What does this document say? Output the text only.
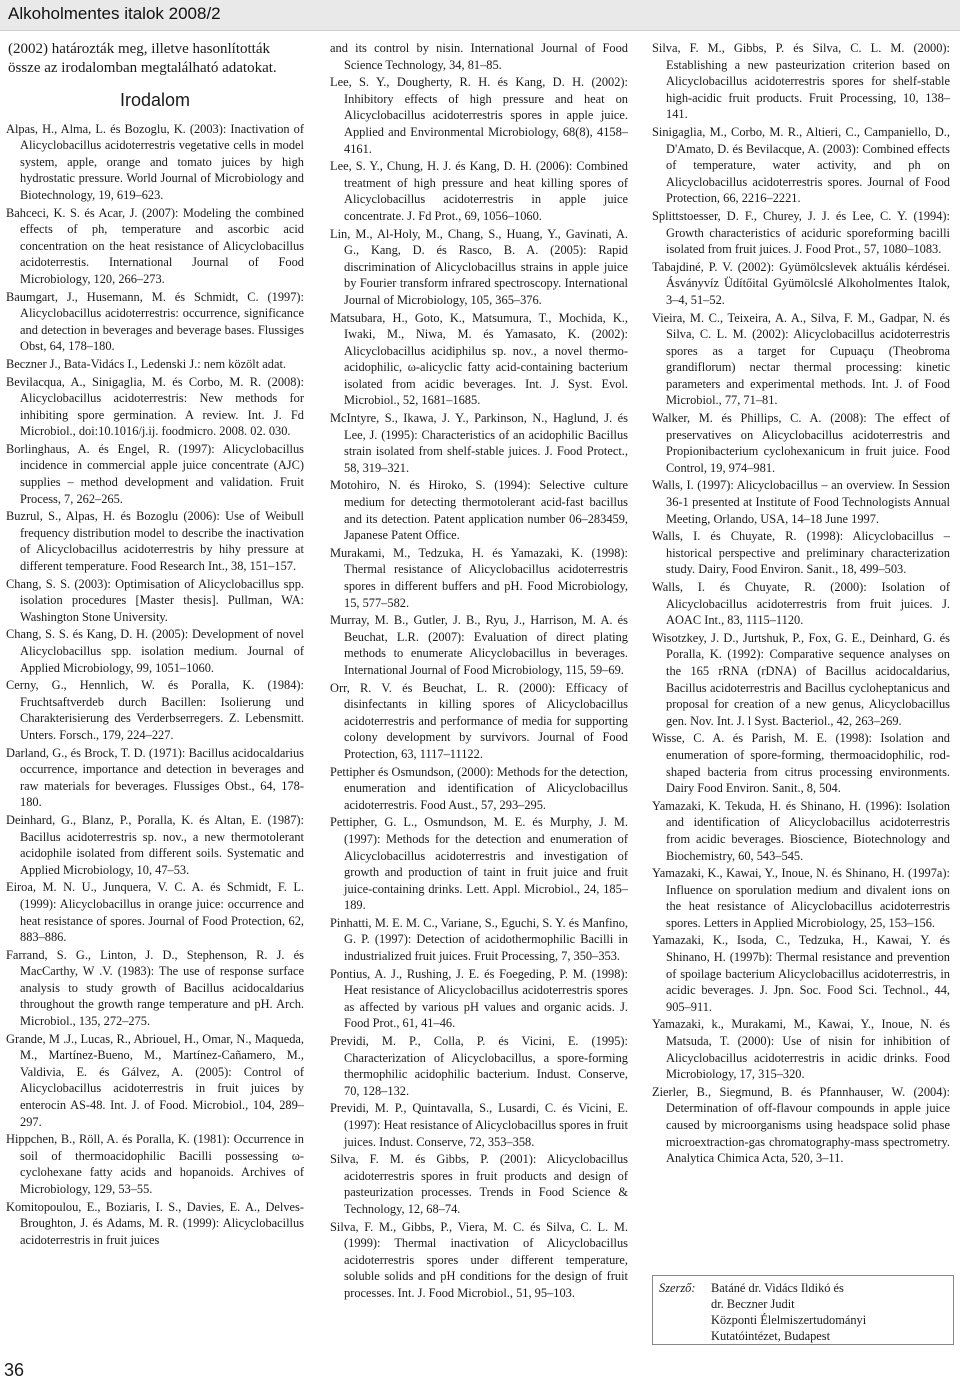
Alkoholmentes italok 2008/2

(2002) határozták meg, illetve hasonlították össze az irodalomban megtalálható adatokat.

Irodalom

Alpas, H., Alma, L. és Bozoglu, K. (2003): Inactivation of Alicyclobacillus acidoterrestris vegetative cells in model system, apple, orange and tomato juices by high hydrostatic pressure. World Journal of Microbiology and Biotechnology, 19, 619–623.

Bahceci, K. S. és Acar, J. (2007): Modeling the combined effects of ph, temperature and ascorbic acid concentration on the heat resistance of Alicyclobacillus acidoterrestis. International Journal of Food Microbiology, 120, 266–273.

Baumgart, J., Husemann, M. és Schmidt, C. (1997): Alicyclobacillus acidoterrestris: occurrence, significance and detection in beverages and beverage bases. Flussiges Obst, 64, 178–180.

Beczner J., Bata-Vidács I., Ledenski J.: nem közölt adat.

Bevilacqua, A., Sinigaglia, M. és Corbo, M. R. (2008): Alicyclobacillus acidoterrestris: New methods for inhibiting spore germination. A review. Int. J. Fd Microbiol., doi:10.1016/j.ij. foodmicro. 2008. 02. 030.

Borlinghaus, A. és Engel, R. (1997): Alicyclobacillus incidence in commercial apple juice concentrate (AJC) supplies – method development and validation. Fruit Process, 7, 262–265.

Buzrul, S., Alpas, H. és Bozoglu (2006): Use of Weibull frequency distribution model to describe the inactivation of Alicyclobacillus acidoterrestris by hihy pressure at different temperature. Food Research Int., 38, 151–157.

Chang, S. S. (2003): Optimisation of Alicyclobacillus spp. isolation procedures [Master thesis]. Pullman, WA: Washington Stone University.

Chang, S. S. és Kang, D. H. (2005): Development of novel Alicyclobacillus spp. isolation medium. Journal of Applied Microbiology, 99, 1051–1060.

Cerny, G., Hennlich, W. és Poralla, K. (1984): Fruchtsaftverdeb durch Bacillen: Isolierung und Charakterisierung des Verderbserregers. Z. Lebensmitt. Unters. Forsch., 179, 224–227.

Darland, G., és Brock, T. D. (1971): Bacillus acidocaldarius occurrence, importance and detection in beverages and raw materials for beverages. Flussiges Obst., 64, 178-180.

Deinhard, G., Blanz, P., Poralla, K. és Altan, E. (1987): Bacillus acidoterrestris sp. nov., a new thermotolerant acidophile isolated from different soils. Systematic and Applied Microbiology, 10, 47–53.

Eiroa, M. N. U., Junquera, V. C. A. és Schmidt, F. L. (1999): Alicyclobacillus in orange juice: occurrence and heat resistance of spores. Journal of Food Protection, 62, 883–886.

Farrand, S. G., Linton, J. D., Stephenson, R. J. és MacCarthy, W .V. (1983): The use of response surface analysis to study growth of Bacillus acidocaldarius throughout the growth range temperature and pH. Arch. Microbiol., 135, 272–275.

Grande, M .J., Lucas, R., Abriouel, H., Omar, N., Maqueda, M., Martínez-Bueno, M., Martínez-Cañamero, M., Valdivia, E. és Gálvez, A. (2005): Control of Alicyclobacillus acidoterrestris in fruit juices by enterocin AS-48. Int. J. of Food. Microbiol., 104, 289–297.

Hippchen, B., Röll, A. és Poralla, K. (1981): Occurrence in soil of thermoacidophilic Bacilli possessing ω-cyclohexane fatty acids and hopanoids. Archives of Microbiology, 129, 53–55.

Komitopoulou, E., Boziaris, I. S., Davies, E. A., Delves-Broughton, J. és Adams, M. R. (1999): Alicyclobacillus acidoterrestris in fruit juices

and its control by nisin. International Journal of Food Science Technology, 34, 81–85.

Lee, S. Y., Dougherty, R. H. és Kang, D. H. (2002): Inhibitory effects of high pressure and heat on Alicyclobacillus acidoterrestris spores in apple juice. Applied and Environmental Microbiology, 68(8), 4158–4161.

Lee, S. Y., Chung, H. J. és Kang, D. H. (2006): Combined treatment of high pressure and heat killing spores of Alicyclobacillus acidoterrestris in apple juice concentrate. J. Fd Prot., 69, 1056–1060.

Lin, M., Al-Holy, M., Chang, S., Huang, Y., Gavinati, A. G., Kang, D. és Rasco, B. A. (2005): Rapid discrimination of Alicyclobacillus strains in apple juice by Fourier transform infrared spectroscopy. International Journal of Microbiology, 105, 365–376.

Matsubara, H., Goto, K., Matsumura, T., Mochida, K., Iwaki, M., Niwa, M. és Yamasato, K. (2002): Alicyclobacillus acidiphilus sp. nov., a novel thermo-acidophilic, ω-alicyclic fatty acid-containing bacterium isolated from acidic beverages. Int. J. Syst. Evol. Microbiol., 52, 1681–1685.

McIntyre, S., Ikawa, J. Y., Parkinson, N., Haglund, J. és Lee, J. (1995): Characteristics of an acidophilic Bacillus strain isolated from shelf-stable juices. J. Food Protect., 58, 319–321.

Motohiro, N. és Hiroko, S. (1994): Selective culture medium for detecting thermotolerant acid-fast bacillus and its detection. Patent application number 06–283459, Japanese Patent Office.

Murakami, M., Tedzuka, H. és Yamazaki, K. (1998): Thermal resistance of Alicyclobacillus acidoterrestris spores in different buffers and pH. Food Microbiology, 15, 577–582.

Murray, M. B., Gutler, J. B., Ryu, J., Harrison, M. A. és Beuchat, L.R. (2007): Evaluation of direct plating methods to enumerate Alicyclobacillus in beverages. International Journal of Food Microbiology, 115, 59–69.

Orr, R. V. és Beuchat, L. R. (2000): Efficacy of disinfectants in killing spores of Alicyclobacillus acidoterrestris and performance of media for supporting colony development by survivors. Journal of Food Protection, 63, 1117–11122.

Pettipher és Osmundson, (2000): Methods for the detection, enumeration and identification of Alicyclobacillus acidoterrestris. Food Aust., 57, 293–295.

Pettipher, G. L., Osmundson, M. E. és Murphy, J. M. (1997): Methods for the detection and enumeration of Alicyclobacillus acidoterrestris and investigation of growth and production of taint in fruit juice and fruit juice-containing drinks. Lett. Appl. Microbiol., 24, 185–189.

Pinhatti, M. E. M. C., Variane, S., Eguchi, S. Y. és Manfino, G. P. (1997): Detection of acidothermophilic Bacilli in industrialized fruit juices. Fruit Processing, 7, 350–353.

Pontius, A. J., Rushing, J. E. és Foegeding, P. M. (1998): Heat resistance of Alicyclobacillus acidoterrestris spores as affected by various pH values and organic acids. J. Food Prot., 61, 41–46.

Previdi, M. P., Colla, P. és Vicini, E. (1995): Characterization of Alicyclobacillus, a spore-forming thermophilic acidophilic bacterium. Indust. Conserve, 70, 128–132.

Previdi, M. P., Quintavalla, S., Lusardi, C. és Vicini, E. (1997): Heat resistance of Alicyclobacillus spores in fruit juices. Indust. Conserve, 72, 353–358.

Silva, F. M. és Gibbs, P. (2001): Alicyclobacillus acidoterrestris spores in fruit products and design of pasteurization processes. Trends in Food Science & Technology, 12, 68–74.

Silva, F. M., Gibbs, P., Viera, M. C. és Silva, C. L. M. (1999): Thermal inactivation of Alicyclobacillus acidoterrestris spores under different temperature, soluble solids and pH conditions for the design of fruit processes. Int. J. Food Microbiol., 51, 95–103.

Silva, F. M., Gibbs, P. és Silva, C. L. M. (2000): Establishing a new pasteurization criterion based on Alicyclobacillus acidoterrestris spores for shelf-stable high-acidic fruit products. Fruit Processing, 10, 138–141.

Sinigaglia, M., Corbo, M. R., Altieri, C., Campaniello, D., D'Amato, D. és Bevilacque, A. (2003): Combined effects of temperature, water activity, and ph on Alicyclobacillus acidoterrestris spores. Journal of Food Protection, 66, 2216–2221.

Splittstoesser, D. F., Churey, J. J. és Lee, C. Y. (1994): Growth characteristics of aciduric sporeforming bacilli isolated from fruit juices. J. Food Prot., 57, 1080–1083.

Tabajdiné, P. V. (2002): Gyümölcslevek aktuális kérdései. Ásványvíz Üdítőital Gyümölcslé Alkoholmentes Italok, 3–4, 51–52.

Vieira, M. C., Teixeira, A. A., Silva, F. M., Gadpar, N. és Silva, C. L. M. (2002): Alicyclobacillus acidoterrestris spores as a target for Cupuaçu (Theobroma grandiflorum) nectar thermal processing: kinetic parameters and experimental methods. Int. J. of Food Microbiol., 77, 71–81.

Walker, M. és Phillips, C. A. (2008): The effect of preservatives on Alicyclobacillus acidoterrestris and Propionibacterium cyclohexanicum in fruit juice. Food Control, 19, 974–981.

Walls, I. (1997): Alicyclobacillus – an overview. In Session 36-1 presented at Institute of Food Technologists Annual Meeting, Orlando, USA, 14–18 June 1997.

Walls, I. és Chuyate, R. (1998): Alicyclobacillus – historical perspective and preliminary characterization study. Dairy, Food Environ. Sanit., 18, 499–503.

Walls, I. és Chuyate, R. (2000): Isolation of Alicyclobacillus acidoterrestris from fruit juices. J. AOAC Int., 83, 1115–1120.

Wisotzkey, J. D., Jurtshuk, P., Fox, G. E., Deinhard, G. és Poralla, K. (1992): Comparative sequence analyses on the 165 rRNA (rDNA) of Bacillus acidocaldarius, Bacillus acidoterrestris and Bacillus cycloheptanicus and proposal for creation of a new genus, Alicyclobacillus gen. Nov. Int. J. l Syst. Bacteriol., 42, 263–269.

Wisse, C. A. és Parish, M. E. (1998): Isolation and enumeration of spore-forming, thermoacidophilic, rod-shaped bacteria from citrus processing environments. Dairy Food Environ. Sanit., 8, 504.

Yamazaki, K. Tekuda, H. és Shinano, H. (1996): Isolation and identification of Alicyclobacillus acidoterrestris from acidic beverages. Bioscience, Biotechnology and Biochemistry, 60, 543–545.

Yamazaki, K., Kawai, Y., Inoue, N. és Shinano, H. (1997a): Influence on sporulation medium and divalent ions on the heat resistance of Alicyclobacillus acidoterrestris spores. Letters in Applied Microbiology, 25, 153–156.

Yamazaki, K., Isoda, C., Tedzuka, H., Kawai, Y. és Shinano, H. (1997b): Thermal resistance and prevention of spoilage bacterium Alicyclobacillus acidoterrestris, in acidic beverages. J. Jpn. Soc. Food Sci. Technol., 44, 905–911.

Yamazaki, k., Murakami, M., Kawai, Y., Inoue, N. és Matsuda, T. (2000): Use of nisin for inhibition of Alicyclobacillus acidoterrestris in acidic drinks. Food Microbiology, 17, 315–320.

Zierler, B., Siegmund, B. és Pfannhauser, W. (2004): Determination of off-flavour compounds in apple juice caused by microorganisms using headspace solid phase microextraction-gas chromatography-mass spectrometry. Analytica Chimica Acta, 520, 3–11.

Szerző: Batáné dr. Vidács Ildikó és
dr. Beczner Judit
Központi Élelmiszertudományi
Kutatóintézet, Budapest
36
